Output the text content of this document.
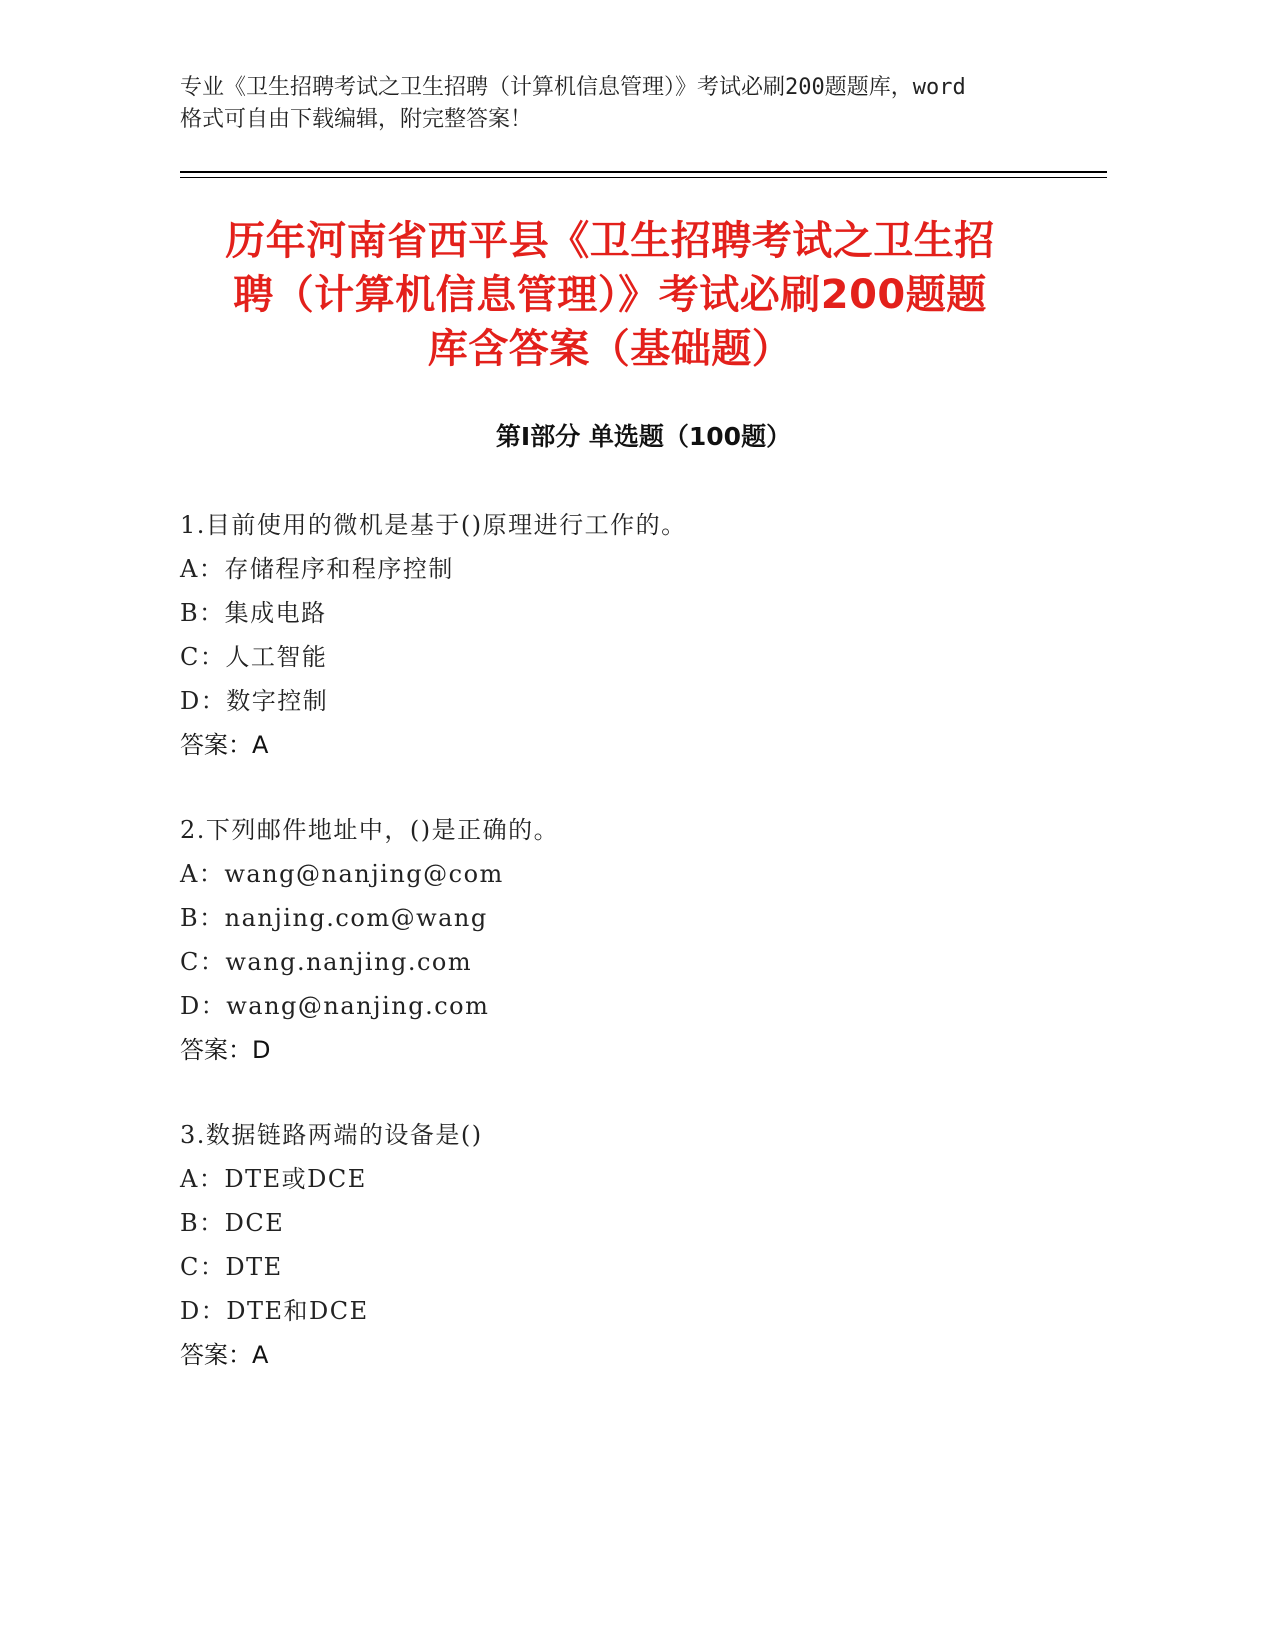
专业《卫生招聘考试之卫生招聘（计算机信息管理）》考试必刷200题题库，word
格式可自由下载编辑，附完整答案！
历年河南省西平县《卫生招聘考试之卫生招
聘（计算机信息管理）》考试必刷200题题
库含答案（基础题）
第Ⅰ部分 单选题（100题）
1.目前使用的微机是基于()原理进行工作的。
A：存储程序和程序控制
B：集成电路
C：人工智能
D：数字控制
答案：A
2.下列邮件地址中，()是正确的。
A：wang@nanjing@com
B：nanjing.com@wang
C：wang.nanjing.com
D：wang@nanjing.com
答案：D
3.数据链路两端的设备是()
A：DTE或DCE
B：DCE
C：DTE
D：DTE和DCE
答案：A
